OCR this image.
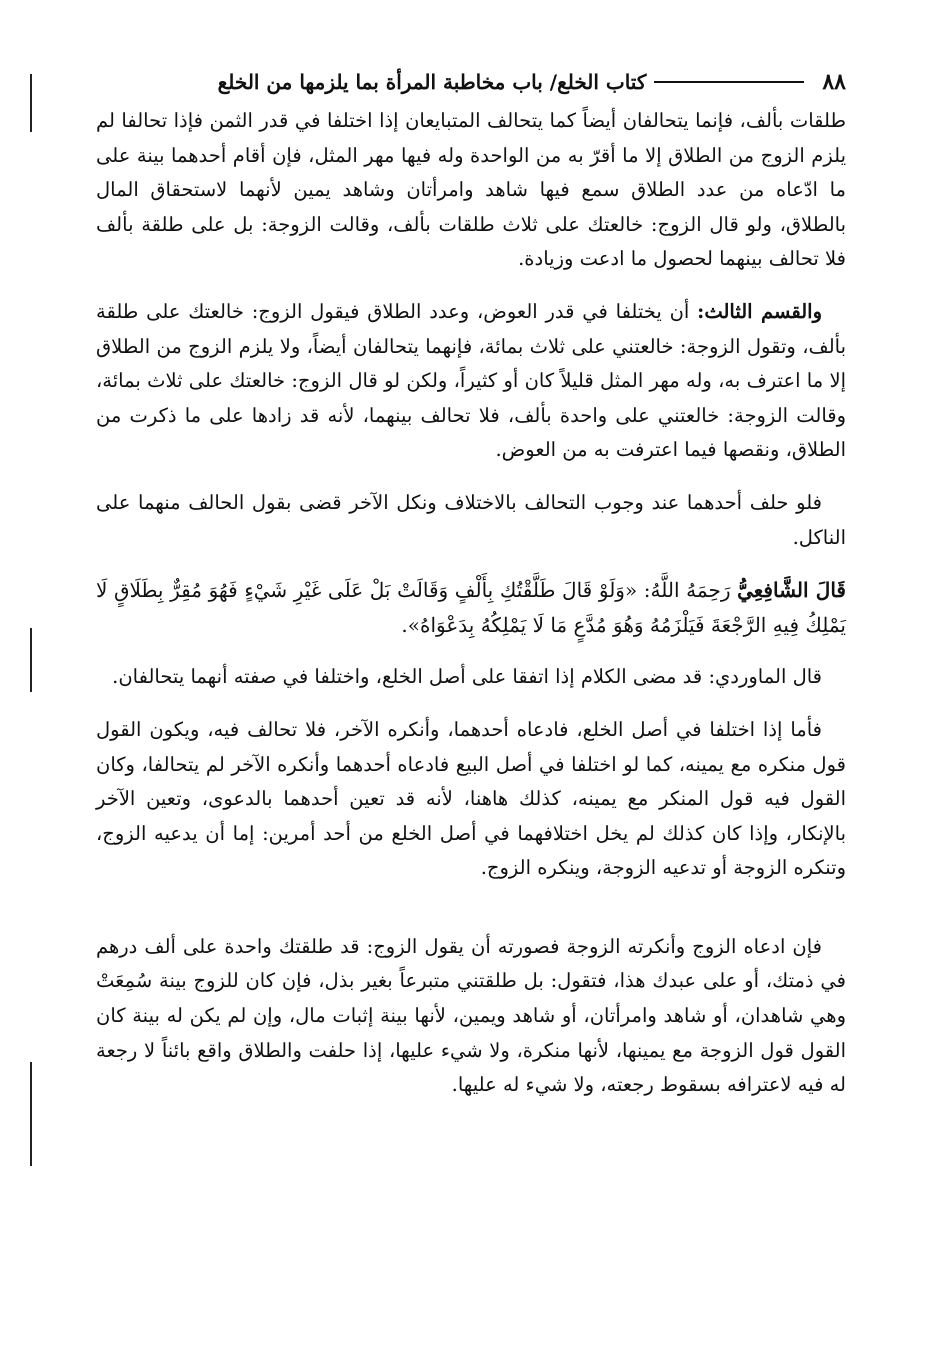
٨٨
كتاب الخلع/ باب مخاطبة المرأة بما يلزمها من الخلع

طلقات بألف، فإنما يتحالفان أيضاً كما يتحالف المتبايعان إذا اختلفا في قدر الثمن فإذا تحالفا لم يلزم الزوج من الطلاق إلا ما أقرّ به من الواحدة وله فيها مهر المثل، فإن أقام أحدهما بينة على ما ادّعاه من عدد الطلاق سمع فيها شاهد وامرأتان وشاهد يمين لأنهما لاستحقاق المال بالطلاق، ولو قال الزوج: خالعتك على ثلاث طلقات بألف، وقالت الزوجة: بل على طلقة بألف فلا تحالف بينهما لحصول ما ادعت وزيادة.

والقسم الثالث: أن يختلفا في قدر العوض، وعدد الطلاق فيقول الزوج: خالعتك على طلقة بألف، وتقول الزوجة: خالعتني على ثلاث بمائة، فإنهما يتحالفان أيضاً، ولا يلزم الزوج من الطلاق إلا ما اعترف به، وله مهر المثل قليلاً كان أو كثيراً، ولكن لو قال الزوج: خالعتك على ثلاث بمائة، وقالت الزوجة: خالعتني على واحدة بألف، فلا تحالف بينهما، لأنه قد زادها على ما ذكرت من الطلاق، ونقصها فيما اعترفت به من العوض.

فلو حلف أحدهما عند وجوب التحالف بالاختلاف ونكل الآخر قضى بقول الحالف منهما على الناكل.

قَالَ الشَّافِعِيُّ رَحِمَهُ اللَّهُ: «وَلَوْ قَالَ طَلَّقْتُكِ بِأَلْفٍ وَقَالَتْ بَلْ عَلَى غَيْرِ شَيْءٍ فَهُوَ مُقِرٌّ بِطَلَاقٍ لَا يَمْلِكُ فِيهِ الرَّجْعَةَ فَيَلْزَمُهُ وَهُوَ مُدَّعٍ مَا لَا يَمْلِكُهُ بِدَعْوَاهُ».

قال الماوردي: قد مضى الكلام إذا اتفقا على أصل الخلع، واختلفا في صفته أنهما يتحالفان.

فأما إذا اختلفا في أصل الخلع، فادعاه أحدهما، وأنكره الآخر، فلا تحالف فيه، ويكون القول قول منكره مع يمينه، كما لو اختلفا في أصل البيع فادعاه أحدهما وأنكره الآخر لم يتحالفا، وكان القول فيه قول المنكر مع يمينه، كذلك هاهنا، لأنه قد تعين أحدهما بالدعوى، وتعين الآخر بالإنكار، وإذا كان كذلك لم يخل اختلافهما في أصل الخلع من أحد أمرين: إما أن يدعيه الزوج، وتنكره الزوجة أو تدعيه الزوجة، وينكره الزوج.

فإن ادعاه الزوج وأنكرته الزوجة فصورته أن يقول الزوج: قد طلقتك واحدة على ألف درهم في ذمتك، أو على عبدك هذا، فتقول: بل طلقتني متبرعاً بغير بذل، فإن كان للزوج بينة سُمِعَتْ وهي شاهدان، أو شاهد وامرأتان، أو شاهد ويمين، لأنها بينة إثبات مال، وإن لم يكن له بينة كان القول قول الزوجة مع يمينها، لأنها منكرة، ولا شيء عليها، إذا حلفت والطلاق واقع بائناً لا رجعة له فيه لاعترافه بسقوط رجعته، ولا شيء له عليها.
